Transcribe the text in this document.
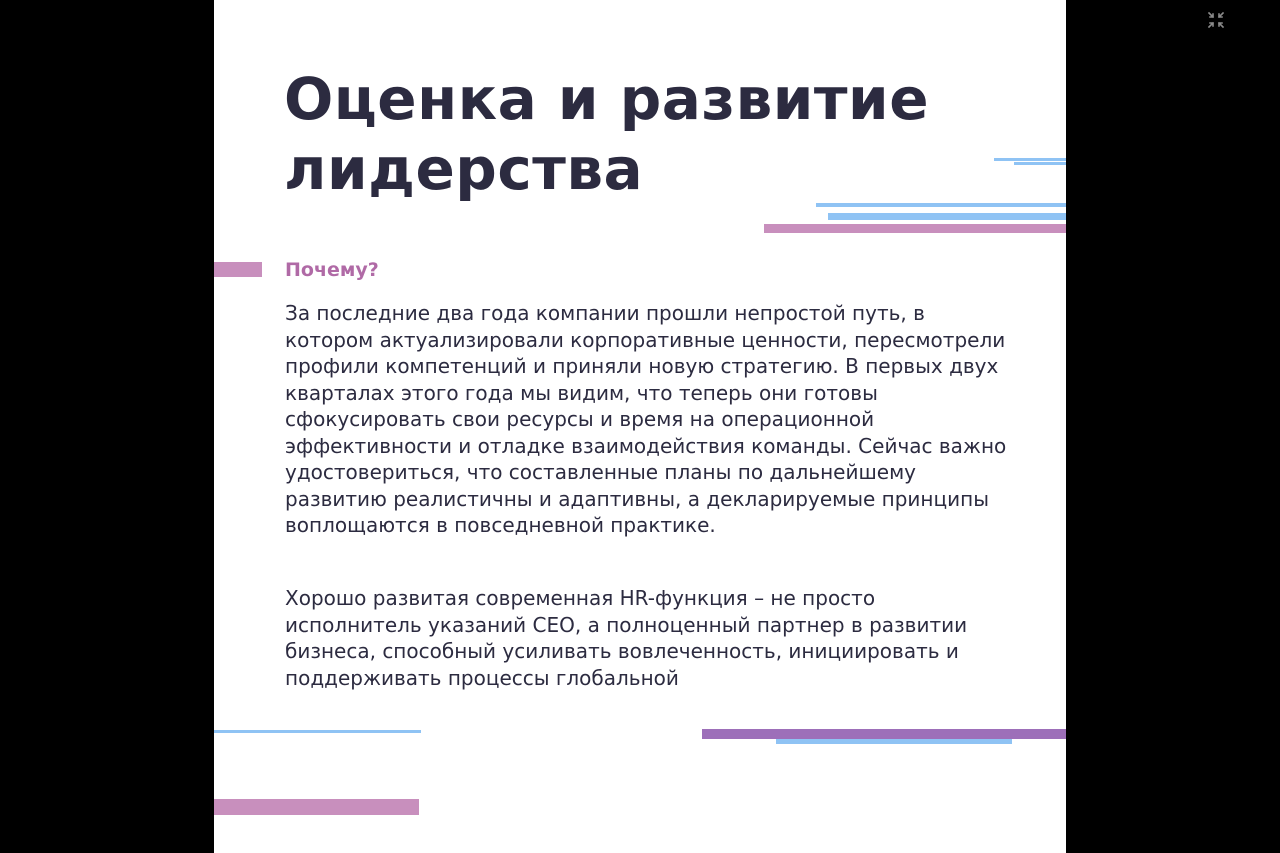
Оценка и развитие лидерства
Почему?

За последние два года компании прошли непростой путь, в котором актуализировали корпоративные ценности, пересмотрели профили компетенций и приняли новую стратегию. В первых двух кварталах этого года мы видим, что теперь они готовы сфокусировать свои ресурсы и время на операционной эффективности и отладке взаимодействия команды. Сейчас важно удостовериться, что составленные планы по дальнейшему развитию реалистичны и адаптивны, а декларируемые принципы воплощаются в повседневной практике.

Хорошо развитая современная HR-функция – не просто исполнитель указаний CEO, а полноценный партнер в развитии бизнеса, способный усиливать вовлеченность, инициировать и поддерживать процессы глобальной
